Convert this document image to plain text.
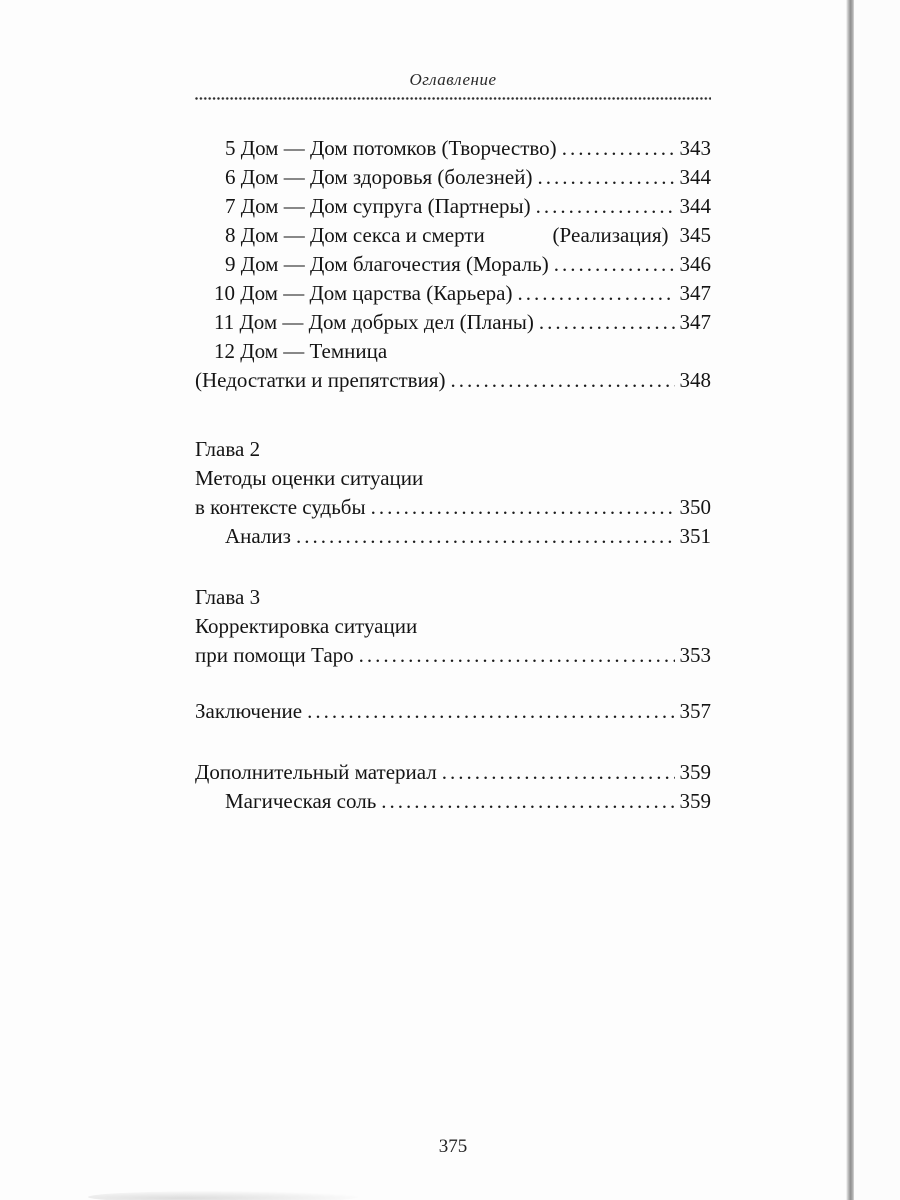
Оглавление
5 Дом — Дом потомков (Творчество) .....	343
6 Дом — Дом здоровья (болезней) .....	344
7 Дом — Дом супруга (Партнеры) .....	344
8 Дом — Дом секса и смерти	(Реализация) 345
9 Дом — Дом благочестия (Мораль) .....	346
10 Дом — Дом царства (Карьера) .....	347
11 Дом — Дом добрых дел (Планы) .....	347
12 Дом — Темница
(Недостатки и препятствия) .....	348
Глава 2
Методы оценки ситуации
в контексте судьбы .....	350
Анализ .....	351
Глава 3
Корректировка ситуации
при помощи Таро .....	353
Заключение .....	357
Дополнительный материал .....	359
Магическая соль .....	359
375
